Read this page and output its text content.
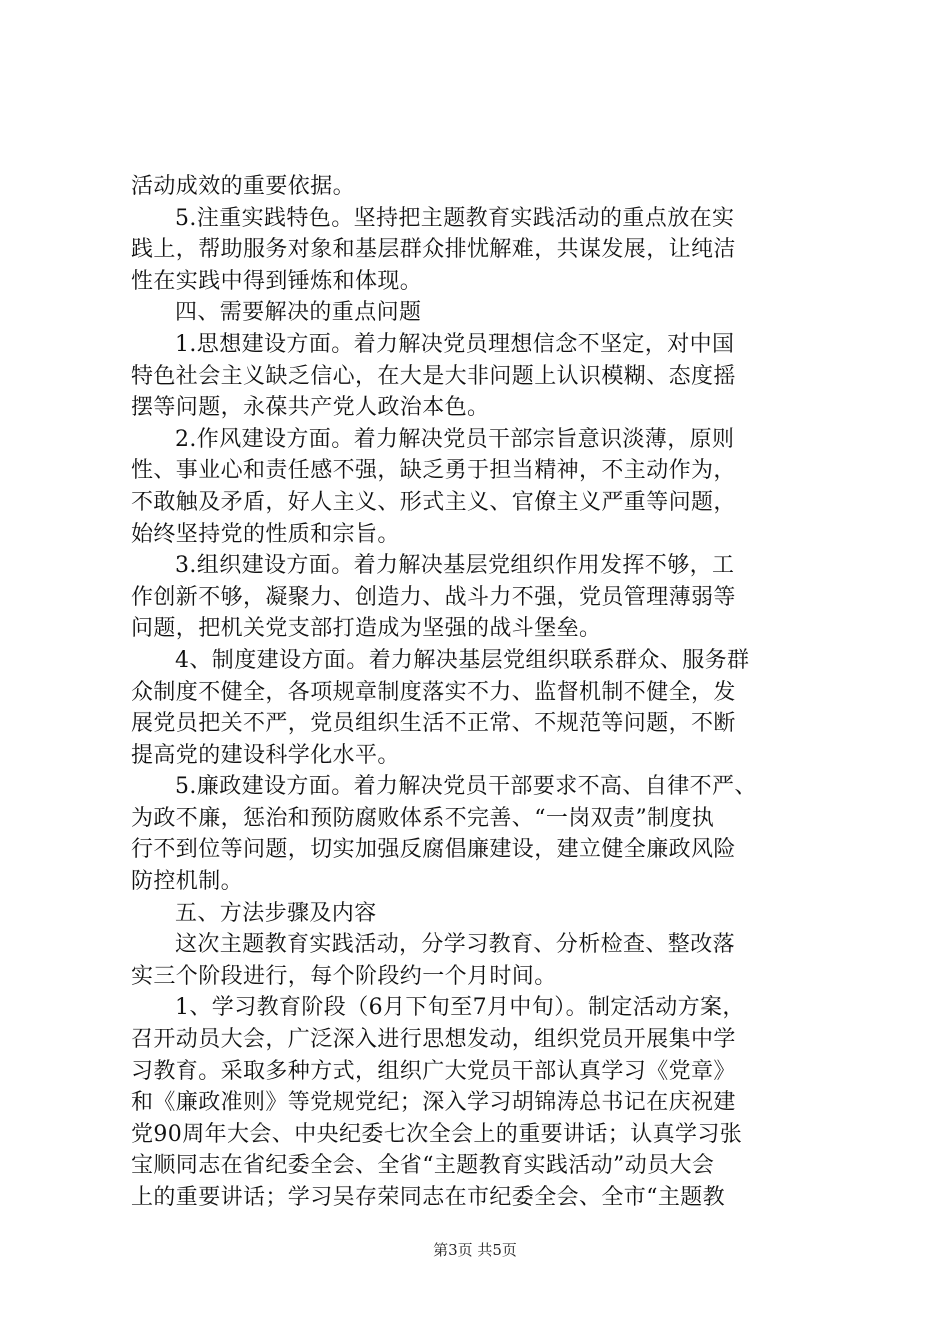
活动成效的重要依据。
5.注重实践特色。坚持把主题教育实践活动的重点放在实
践上，帮助服务对象和基层群众排忧解难，共谋发展，让纯洁
性在实践中得到锤炼和体现。
四、需要解决的重点问题
1.思想建设方面。着力解决党员理想信念不坚定，对中国
特色社会主义缺乏信心，在大是大非问题上认识模糊、态度摇
摆等问题，永葆共产党人政治本色。
2.作风建设方面。着力解决党员干部宗旨意识淡薄，原则
性、事业心和责任感不强，缺乏勇于担当精神，不主动作为，
不敢触及矛盾，好人主义、形式主义、官僚主义严重等问题，
始终坚持党的性质和宗旨。
3.组织建设方面。着力解决基层党组织作用发挥不够，工
作创新不够，凝聚力、创造力、战斗力不强，党员管理薄弱等
问题，把机关党支部打造成为坚强的战斗堡垒。
4、制度建设方面。着力解决基层党组织联系群众、服务群
众制度不健全，各项规章制度落实不力、监督机制不健全，发
展党员把关不严，党员组织生活不正常、不规范等问题，不断
提高党的建设科学化水平。
5.廉政建设方面。着力解决党员干部要求不高、自律不严、
为政不廉，惩治和预防腐败体系不完善、“一岗双责”制度执
行不到位等问题，切实加强反腐倡廉建设，建立健全廉政风险
防控机制。
五、方法步骤及内容
这次主题教育实践活动，分学习教育、分析检查、整改落
实三个阶段进行，每个阶段约一个月时间。
1、学习教育阶段（6月下旬至7月中旬）。制定活动方案，
召开动员大会，广泛深入进行思想发动，组织党员开展集中学
习教育。采取多种方式，组织广大党员干部认真学习《党章》
和《廉政准则》等党规党纪；深入学习胡锦涛总书记在庆祝建
党90周年大会、中央纪委七次全会上的重要讲话；认真学习张
宝顺同志在省纪委全会、全省“主题教育实践活动”动员大会
上的重要讲话；学习吴存荣同志在市纪委全会、全市“主题教
第3页 共5页
